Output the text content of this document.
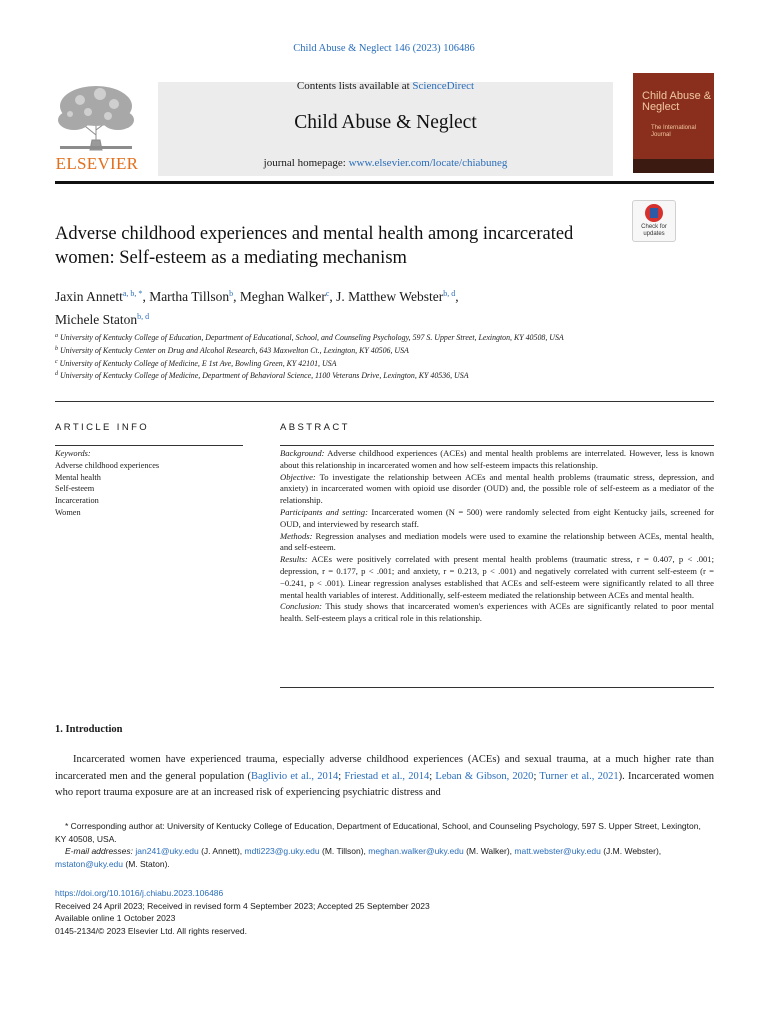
Child Abuse & Neglect 146 (2023) 106486
ELSEVIER
Contents lists available at ScienceDirect
Child Abuse & Neglect
journal homepage: www.elsevier.com/locate/chiabuneg
Child Abuse & Neglect
The International Journal
Adverse childhood experiences and mental health among incarcerated women: Self-esteem as a mediating mechanism
Check for updates
Jaxin Annett$^{a, b, *}$, Martha Tillson$^b$, Meghan Walker$^c$, J. Matthew Webster$^{b, d}$,
Michele Staton$^{b, d}$
$^a$ University of Kentucky College of Education, Department of Educational, School, and Counseling Psychology, 597 S. Upper Street, Lexington, KY 40508, USA
$^b$ University of Kentucky Center on Drug and Alcohol Research, 643 Maxwelton Ct., Lexington, KY 40506, USA
$^c$ University of Kentucky College of Medicine, E 1st Ave, Bowling Green, KY 42101, USA
$^d$ University of Kentucky College of Medicine, Department of Behavioral Science, 1100 Veterans Drive, Lexington, KY 40536, USA
ARTICLE INFO
Keywords:
Adverse childhood experiences
Mental health
Self-esteem
Incarceration
Women
ABSTRACT

Background: Adverse childhood experiences (ACEs) and mental health problems are interrelated. However, less is known about this relationship in incarcerated women and how self-esteem impacts this relationship.

Objective: To investigate the relationship between ACEs and mental health problems (traumatic stress, depression, and anxiety) in incarcerated women with opioid use disorder (OUD) and, the possible role of self-esteem as a mediator of the relationship.

Participants and setting: Incarcerated women (N = 500) were randomly selected from eight Kentucky jails, screened for OUD, and interviewed by research staff.

Methods: Regression analyses and mediation models were used to examine the relationship between ACEs, mental health, and self-esteem.

Results: ACEs were positively correlated with present mental health problems (traumatic stress, r = 0.407, p < .001; depression, r = 0.177, p < .001; and anxiety, r = 0.213, p < .001) and negatively correlated with current self-esteem (r = −0.241, p < .001). Linear regression analyses established that ACEs and self-esteem were significantly related to all three mental health variables of interest. Additionally, self-esteem mediated the relationship between ACEs and mental health.

Conclusion: This study shows that incarcerated women's experiences with ACEs are significantly related to poor mental health. Self-esteem plays a critical role in this relationship.

1. Introduction
Incarcerated women have experienced trauma, especially adverse childhood experiences (ACEs) and sexual trauma, at a much higher rate than incarcerated men and the general population (Baglivio et al., 2014; Friestad et al., 2014; Leban & Gibson, 2020; Turner et al., 2021). Incarcerated women who report trauma exposure are at an increased risk of experiencing psychiatric distress and

* Corresponding author at: University of Kentucky College of Education, Department of Educational, School, and Counseling Psychology, 597 S. Upper Street, Lexington, KY 40508, USA.

E-mail addresses: jan241@uky.edu (J. Annett), mdti223@g.uky.edu (M. Tillson), meghan.walker@uky.edu (M. Walker), matt.webster@uky.edu (J.M. Webster), mstaton@uky.edu (M. Staton).

https://doi.org/10.1016/j.chiabu.2023.106486
Received 24 April 2023; Received in revised form 4 September 2023; Accepted 25 September 2023
Available online 1 October 2023
0145-2134/© 2023 Elsevier Ltd. All rights reserved.
